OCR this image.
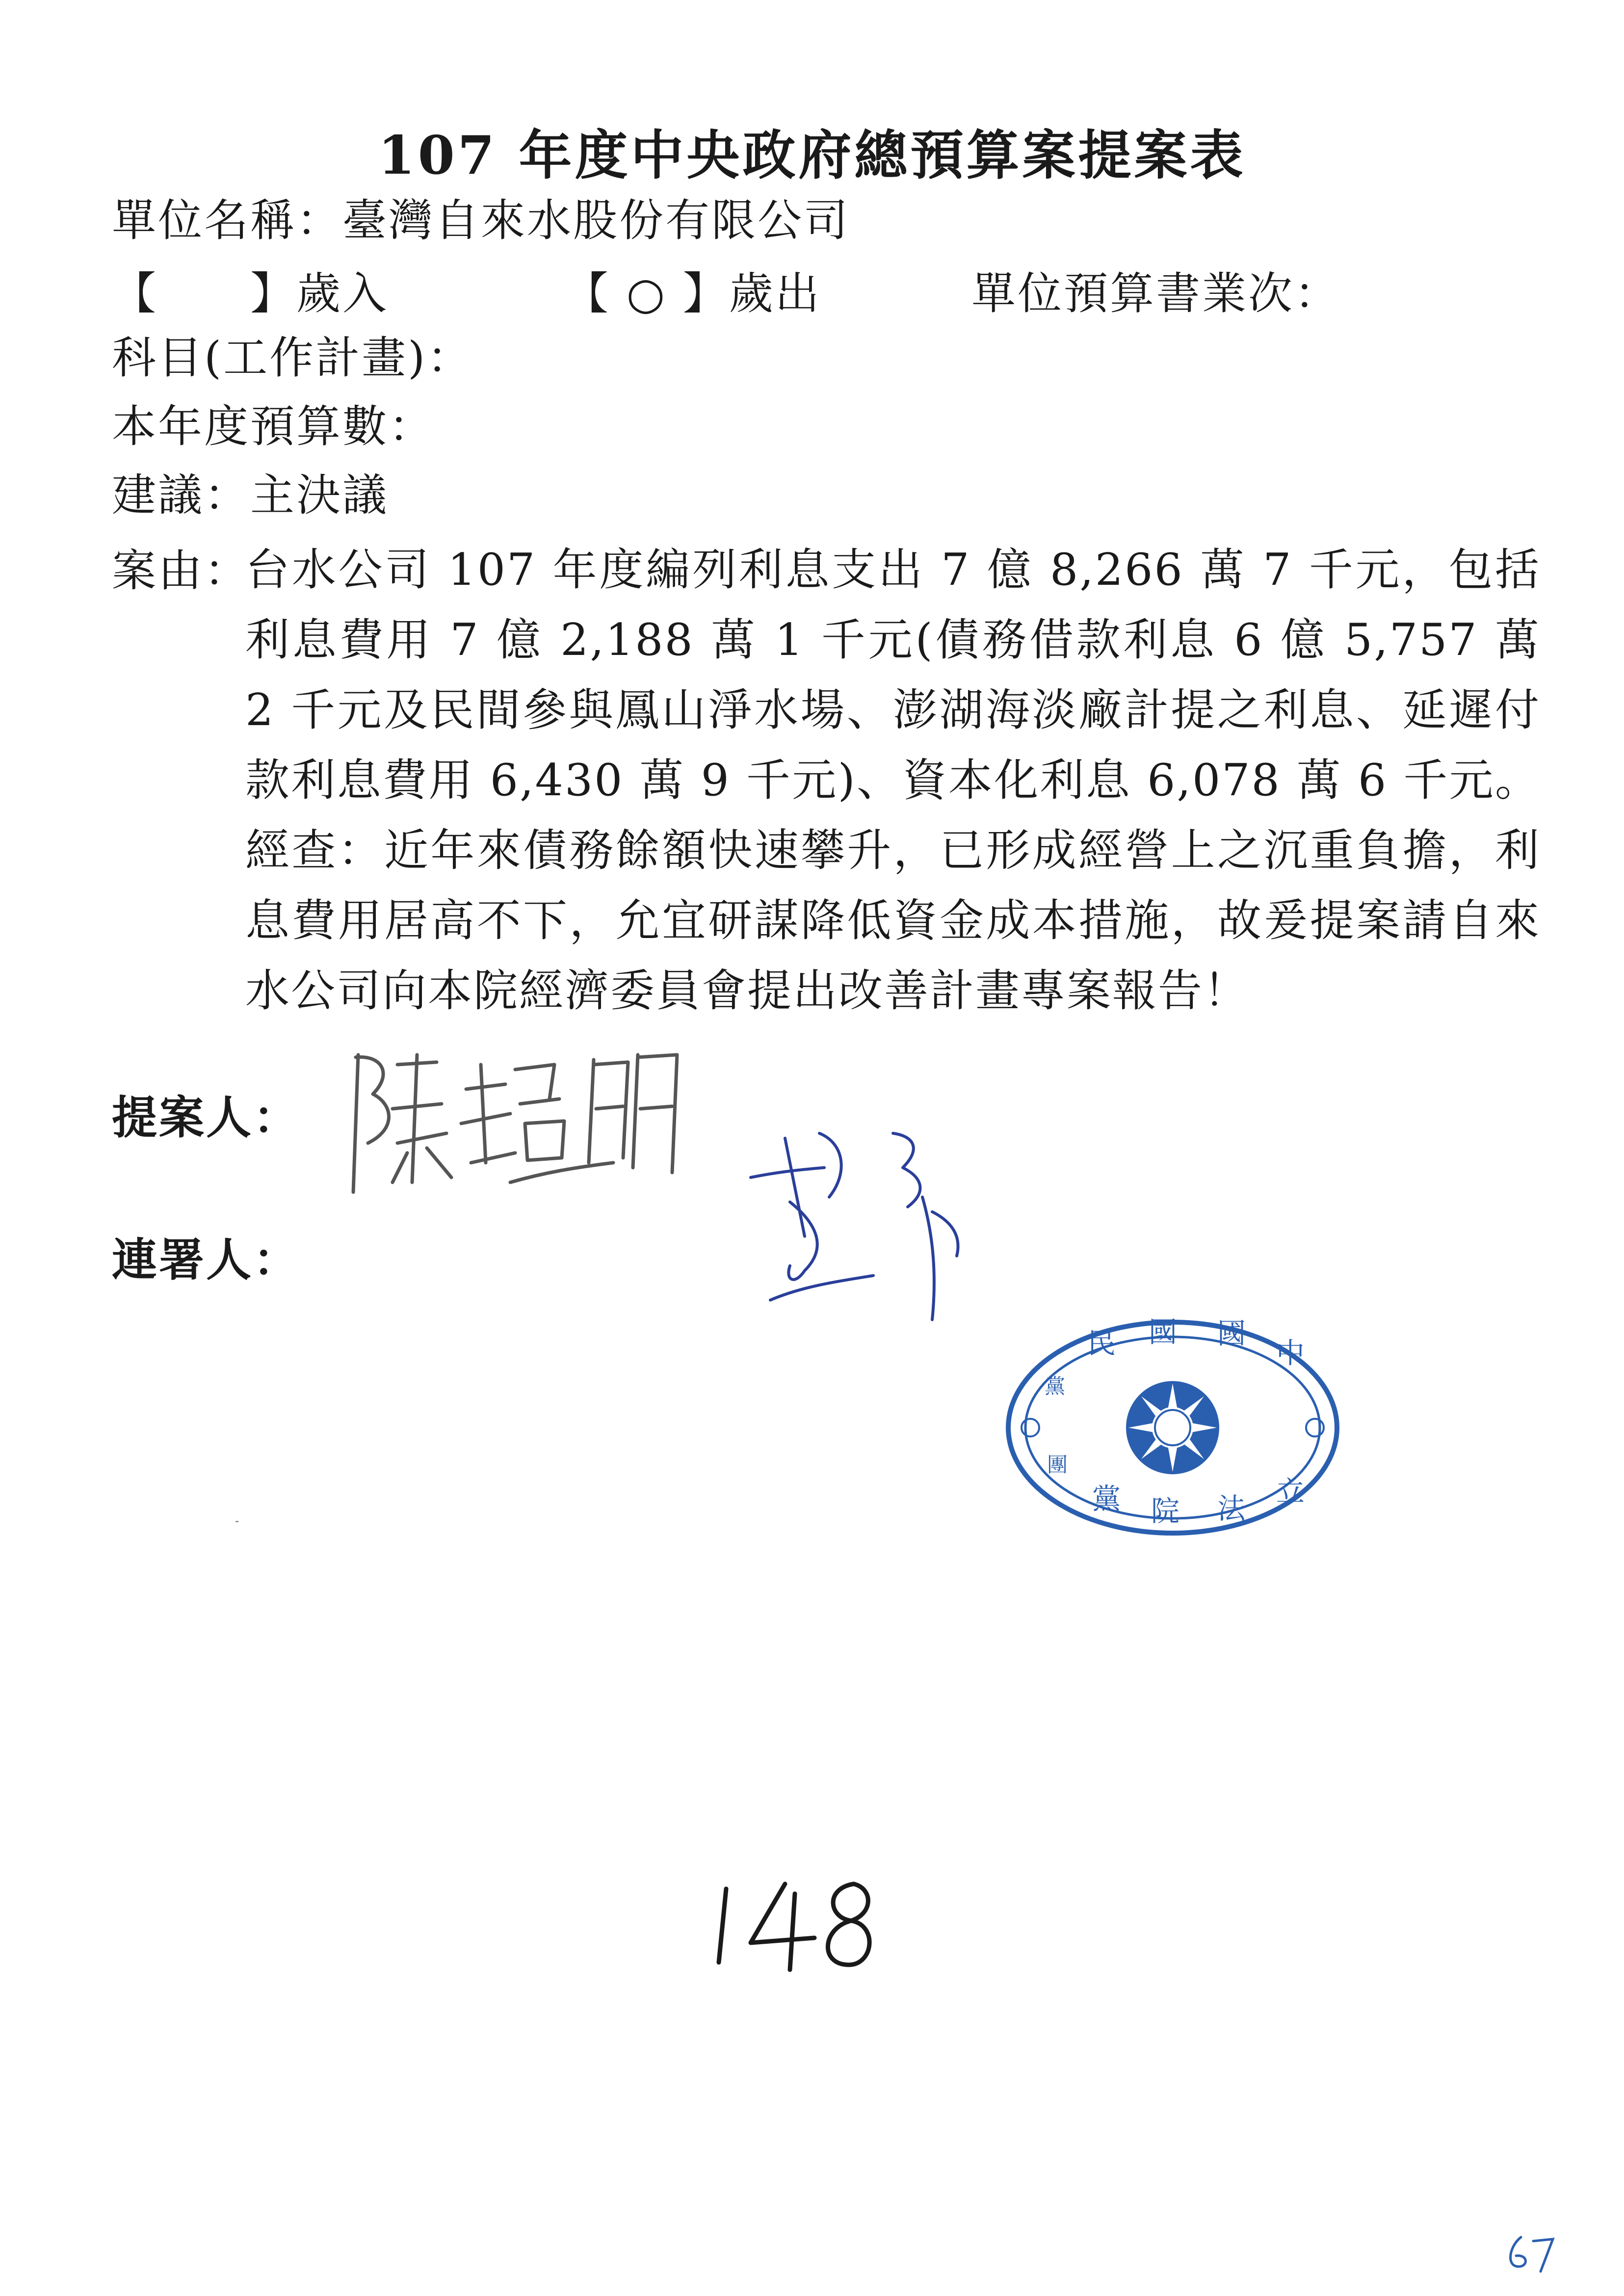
107 年度中央政府總預算案提案表
單位名稱：臺灣自來水股份有限公司
【　　】歲入	【 ○ 】歲出	單位預算書業次：
科目(工作計畫)：
本年度預算數：
建議：主決議
案由：
台水公司 107 年度編列利息支出 7 億 8,266 萬 7 千元，包括利息費用 7 億 2,188 萬 1 千元(債務借款利息 6 億 5,757 萬 2 千元及民間參與鳳山淨水場、澎湖海淡廠計提之利息、延遲付款利息費用 6,430 萬 9 千元)、資本化利息 6,078 萬 6 千元。經查：近年來債務餘額快速攀升，已形成經營上之沉重負擔，利息費用居高不下，允宜研謀降低資金成本措施，故爰提案請自來水公司向本院經濟委員會提出改善計畫專案報告！
提案人：
連署人：
中
國
國
民
黨
立
法
院
黨
團
